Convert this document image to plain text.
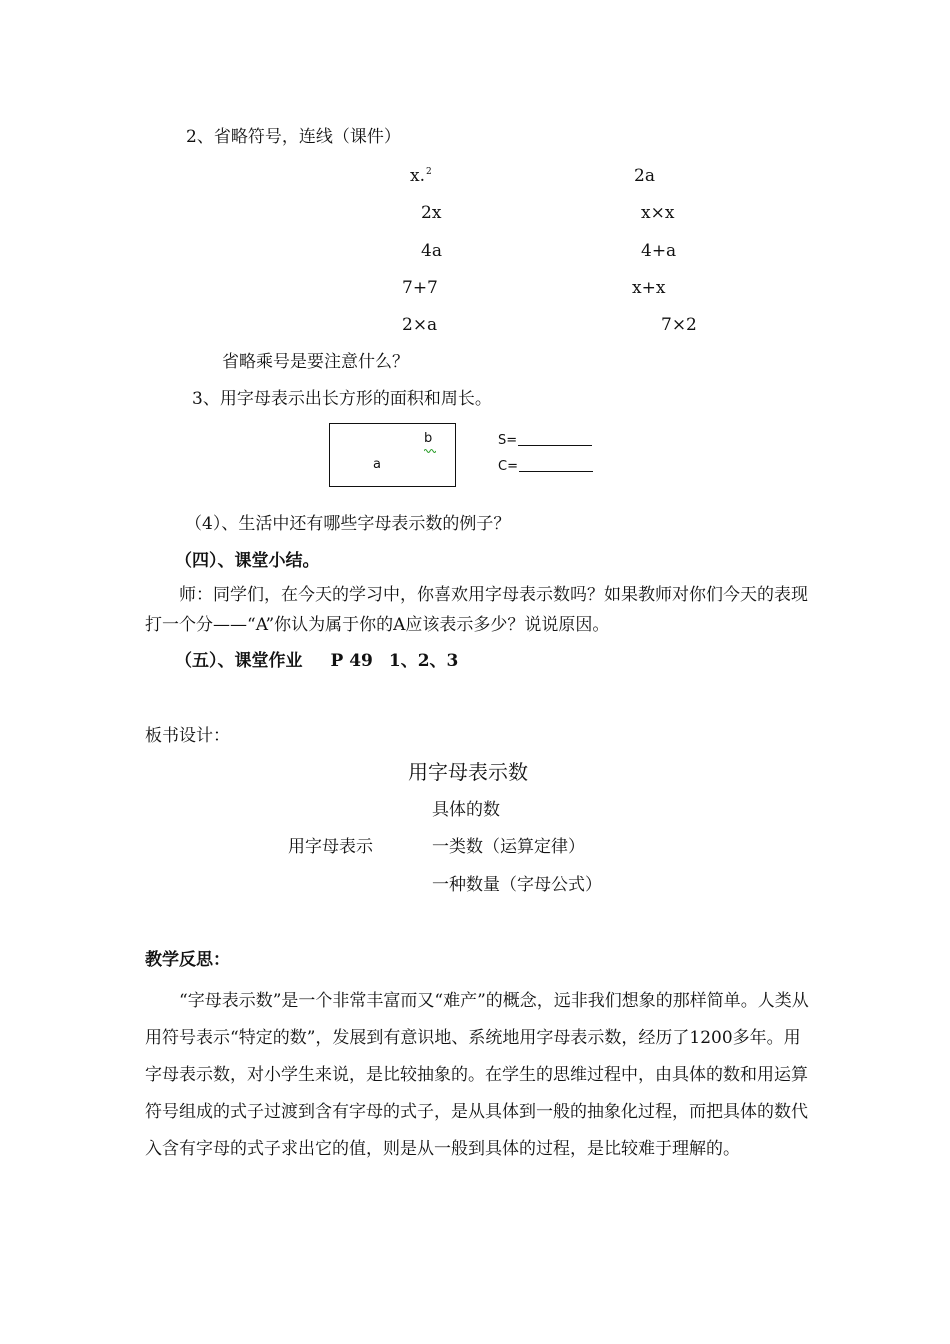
2、省略符号，连线（课件）
x.$^2$
2x
4a
7+7
2×a
2a
x×x
4+a
x+x
7×2
省略乘号是要注意什么？
3、用字母表示出长方形的面积和周长。
b
a
S=
C=
（4）、生活中还有哪些字母表示数的例子？
（四）、课堂小结。
师：同学们，在今天的学习中，你喜欢用字母表示数吗？如果教师对你们今天的表现打一个分——“A”你认为属于你的A应该表示多少？说说原因。
（五）、课堂作业 P 49 1、2、3
板书设计：
用字母表示数
具体的数
用字母表示	一类数（运算定律）
一种数量（字母公式）
教学反思：
“字母表示数”是一个非常丰富而又“难产”的概念，远非我们想象的那样简单。人类从用符号表示“特定的数”，发展到有意识地、系统地用字母表示数，经历了1200多年。用字母表示数，对小学生来说，是比较抽象的。在学生的思维过程中，由具体的数和用运算符号组成的式子过渡到含有字母的式子，是从具体到一般的抽象化过程，而把具体的数代入含有字母的式子求出它的值，则是从一般到具体的过程，是比较难于理解的。
